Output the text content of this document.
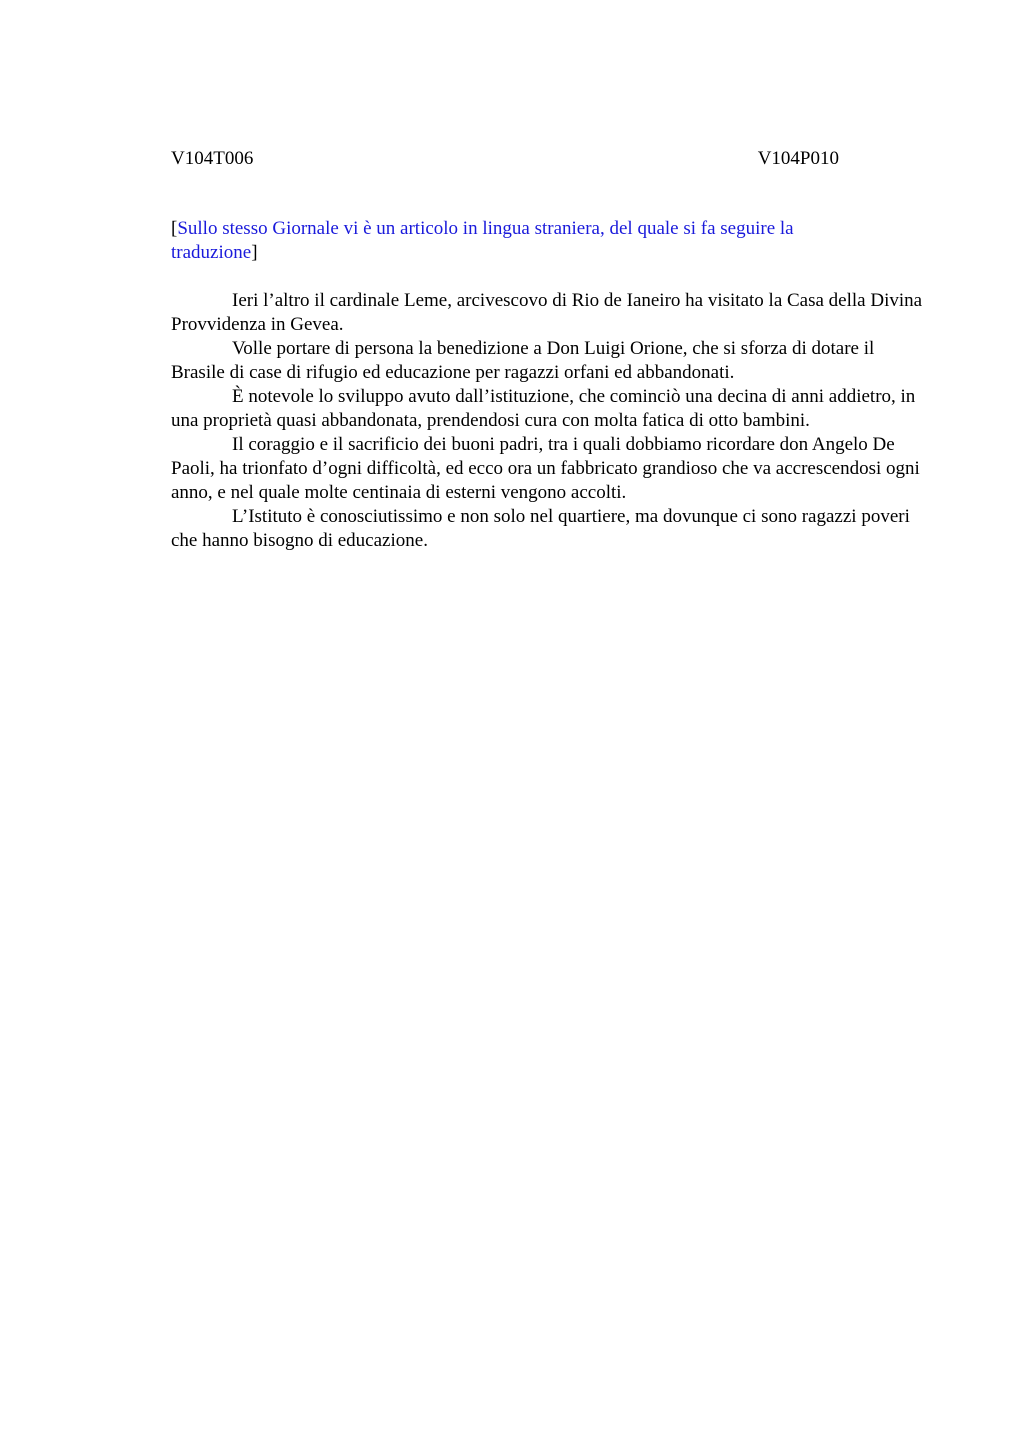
V104T006	V104P010
[Sullo stesso Giornale vi è un articolo in lingua straniera, del quale si fa seguire la traduzione]

Ieri l’altro il cardinale Leme, arcivescovo di Rio de Ianeiro ha visitato la Casa della Divina Provvidenza in Gevea.

Volle portare di persona la benedizione a Don Luigi Orione, che si sforza di dotare il Brasile di case di rifugio ed educazione per ragazzi orfani ed abbandonati.

È notevole lo sviluppo avuto dall’istituzione, che cominciò una decina di anni addietro, in una proprietà quasi abbandonata, prendendosi cura con molta fatica di otto bambini.

Il coraggio e il sacrificio dei buoni padri, tra i quali dobbiamo ricordare don Angelo De Paoli, ha trionfato d’ogni difficoltà, ed ecco ora un fabbricato grandioso che va accrescendosi ogni anno, e nel quale molte centinaia di esterni vengono accolti.

L’Istituto è conosciutissimo e non solo nel quartiere, ma dovunque ci sono ragazzi poveri che hanno bisogno di educazione.
